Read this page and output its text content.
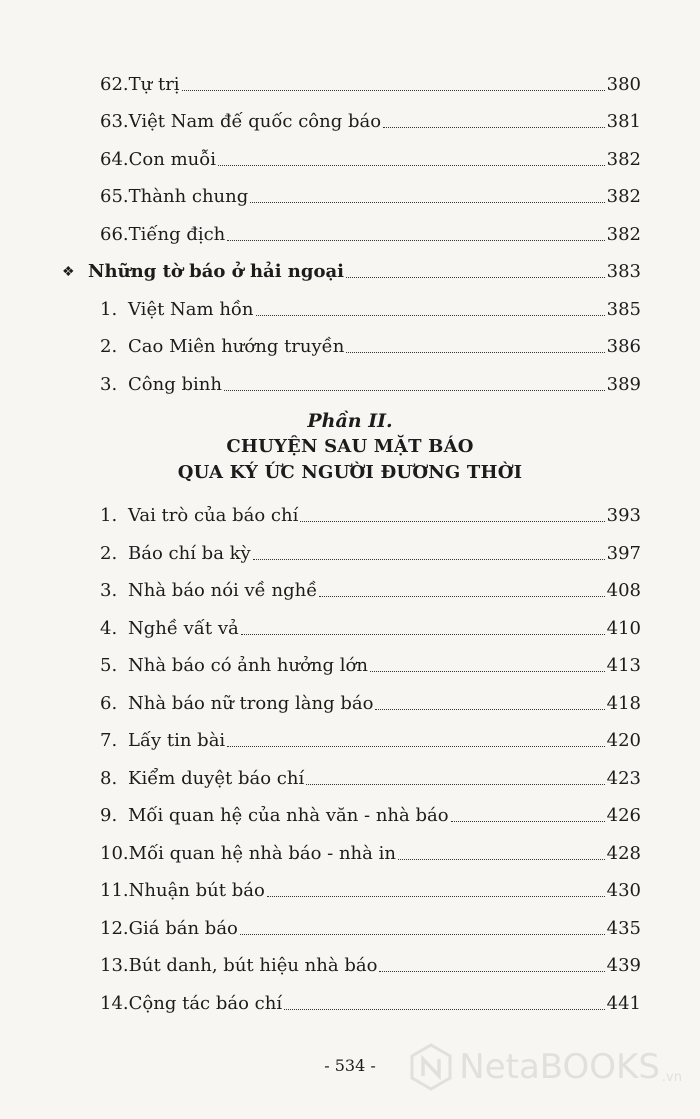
62. Tự trị	380
63. Việt Nam đế quốc công báo	381
64. Con muỗi	382
65. Thành chung	382
66. Tiếng địch	382
❖ Những tờ báo ở hải ngoại	383
1. Việt Nam hồn	385
2. Cao Miên hướng truyền	386
3. Công binh	389
Phần II.
CHUYỆN SAU MẶT BÁO
QUA KÝ ỨC NGƯỜI ĐƯƠNG THỜI
1. Vai trò của báo chí	393
2. Báo chí ba kỳ	397
3. Nhà báo nói về nghề	408
4. Nghề vất vả	410
5. Nhà báo có ảnh hưởng lớn	413
6. Nhà báo nữ trong làng báo	418
7. Lấy tin bài	420
8. Kiểm duyệt báo chí	423
9. Mối quan hệ của nhà văn - nhà báo	426
10. Mối quan hệ nhà báo - nhà in	428
11. Nhuận bút báo	430
12. Giá bán báo	435
13. Bút danh, bút hiệu nhà báo	439
14. Cộng tác báo chí	441
- 534 -	NetaBOOKS .vn
